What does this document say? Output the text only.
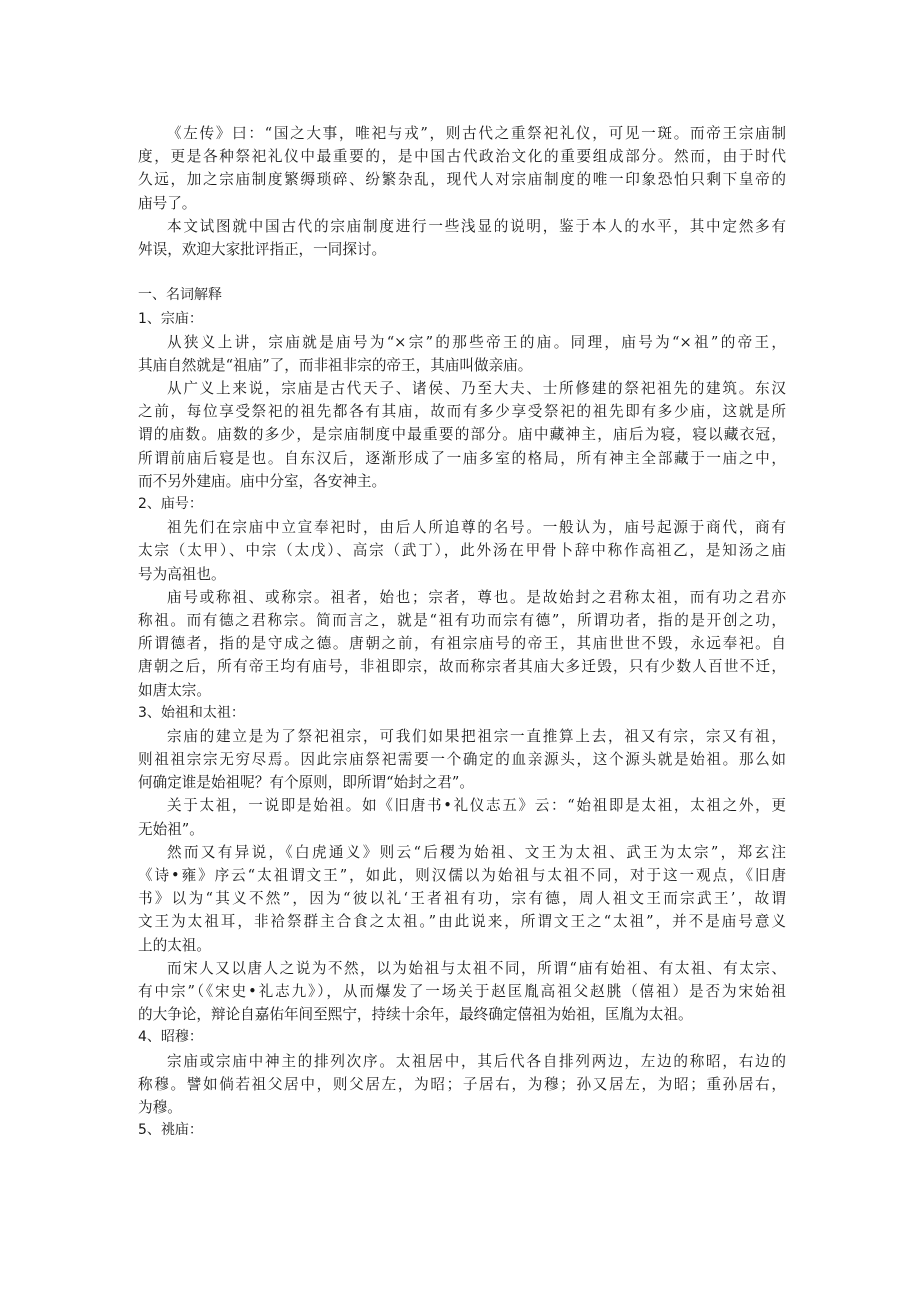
《左传》曰：“国之大事，唯祀与戎”，则古代之重祭祀礼仪，可见一斑。而帝王宗庙制
度，更是各种祭祀礼仪中最重要的，是中国古代政治文化的重要组成部分。然而，由于时代
久远，加之宗庙制度繁缛琐碎、纷繁杂乱，现代人对宗庙制度的唯一印象恐怕只剩下皇帝的
庙号了。
本文试图就中国古代的宗庙制度进行一些浅显的说明，鉴于本人的水平，其中定然多有
舛误，欢迎大家批评指正，一同探讨。
一、名词解释
1、宗庙：
从狭义上讲，宗庙就是庙号为“×宗”的那些帝王的庙。同理，庙号为“×祖”的帝王，
其庙自然就是“祖庙”了，而非祖非宗的帝王，其庙叫做亲庙。
从广义上来说，宗庙是古代天子、诸侯、乃至大夫、士所修建的祭祀祖先的建筑。东汉
之前，每位享受祭祀的祖先都各有其庙，故而有多少享受祭祀的祖先即有多少庙，这就是所
谓的庙数。庙数的多少，是宗庙制度中最重要的部分。庙中藏神主，庙后为寝，寝以藏衣冠，
所谓前庙后寝是也。自东汉后，逐渐形成了一庙多室的格局，所有神主全部藏于一庙之中，
而不另外建庙。庙中分室，各安神主。
2、庙号：
祖先们在宗庙中立宣奉祀时，由后人所追尊的名号。一般认为，庙号起源于商代，商有
太宗（太甲）、中宗（太戊）、高宗（武丁），此外汤在甲骨卜辞中称作高祖乙，是知汤之庙
号为高祖也。
庙号或称祖、或称宗。祖者，始也；宗者，尊也。是故始封之君称太祖，而有功之君亦
称祖。而有德之君称宗。简而言之，就是“祖有功而宗有德”，所谓功者，指的是开创之功，
所谓德者，指的是守成之德。唐朝之前，有祖宗庙号的帝王，其庙世世不毁，永远奉祀。自
唐朝之后，所有帝王均有庙号，非祖即宗，故而称宗者其庙大多迁毁，只有少数人百世不迁，
如唐太宗。
3、始祖和太祖：
宗庙的建立是为了祭祀祖宗，可我们如果把祖宗一直推算上去，祖又有宗，宗又有祖，
则祖祖宗宗无穷尽焉。因此宗庙祭祀需要一个确定的血亲源头，这个源头就是始祖。那么如
何确定谁是始祖呢？有个原则，即所谓“始封之君”。
关于太祖，一说即是始祖。如《旧唐书•礼仪志五》云：“始祖即是太祖，太祖之外，更
无始祖”。
然而又有异说，《白虎通义》则云“后稷为始祖、文王为太祖、武王为太宗”，郑玄注
《诗•雍》序云“太祖谓文王”，如此，则汉儒以为始祖与太祖不同，对于这一观点，《旧唐
书》以为“其义不然”，因为“彼以礼‘王者祖有功，宗有德，周人祖文王而宗武王’，故谓
文王为太祖耳，非祫祭群主合食之太祖。”由此说来，所谓文王之“太祖”，并不是庙号意义
上的太祖。
而宋人又以唐人之说为不然，以为始祖与太祖不同，所谓“庙有始祖、有太祖、有太宗、
有中宗”（《宋史•礼志九》），从而爆发了一场关于赵匡胤高祖父赵朓（僖祖）是否为宋始祖
的大争论，辩论自嘉佑年间至熙宁，持续十余年，最终确定僖祖为始祖，匡胤为太祖。
4、昭穆：
宗庙或宗庙中神主的排列次序。太祖居中，其后代各自排列两边，左边的称昭，右边的
称穆。譬如倘若祖父居中，则父居左，为昭；子居右，为穆；孙又居左，为昭；重孙居右，
为穆。
5、祧庙：
